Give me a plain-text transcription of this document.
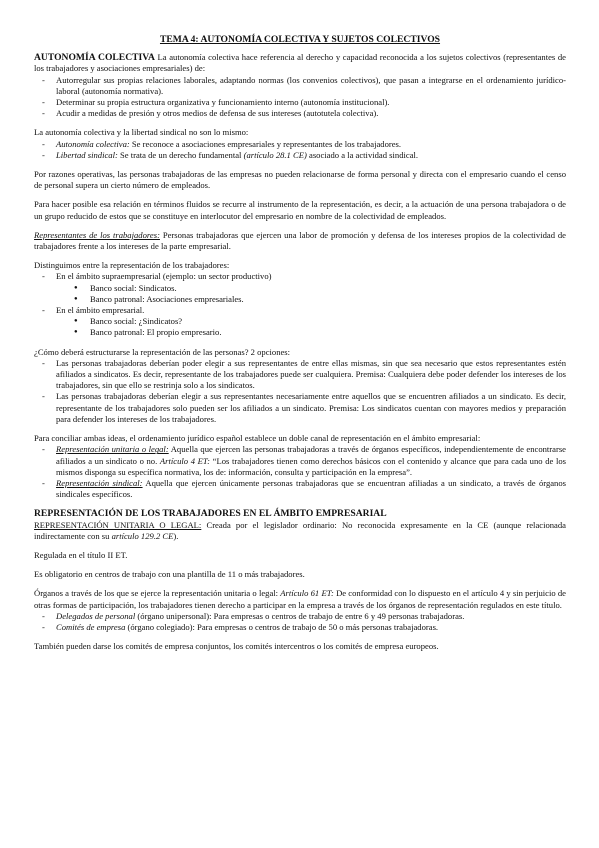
TEMA 4: AUTONOMÍA COLECTIVA Y SUJETOS COLECTIVOS

AUTONOMÍA COLECTIVA La autonomía colectiva hace referencia al derecho y capacidad reconocida a los sujetos colectivos (representantes de los trabajadores y asociaciones empresariales) de:

- Autorregular sus propias relaciones laborales, adaptando normas (los convenios colectivos), que pasan a integrarse en el ordenamiento jurídico-laboral (autonomía normativa).
- Determinar su propia estructura organizativa y funcionamiento interno (autonomía institucional).
- Acudir a medidas de presión y otros medios de defensa de sus intereses (autotutela colectiva).

La autonomía colectiva y la libertad sindical no son lo mismo:

- Autonomía colectiva: Se reconoce a asociaciones empresariales y representantes de los trabajadores.
- Libertad sindical: Se trata de un derecho fundamental (artículo 28.1 CE) asociado a la actividad sindical.

Por razones operativas, las personas trabajadoras de las empresas no pueden relacionarse de forma personal y directa con el empresario cuando el censo de personal supera un cierto número de empleados.

Para hacer posible esa relación en términos fluidos se recurre al instrumento de la representación, es decir, a la actuación de una persona trabajadora o de un grupo reducido de estos que se constituye en interlocutor del empresario en nombre de la colectividad de empleados.

Representantes de los trabajadores: Personas trabajadoras que ejercen una labor de promoción y defensa de los intereses propios de la colectividad de trabajadores frente a los intereses de la parte empresarial.

Distinguimos entre la representación de los trabajadores:

- En el ámbito supraempresarial (ejemplo: un sector productivo)
● Banco social: Sindicatos.
● Banco patronal: Asociaciones empresariales.
- En el ámbito empresarial.
● Banco social: ¿Sindicatos?
● Banco patronal: El propio empresario.

¿Cómo deberá estructurarse la representación de las personas? 2 opciones:

- Las personas trabajadoras deberían poder elegir a sus representantes de entre ellas mismas, sin que sea necesario que estos representantes estén afiliados a sindicatos. Es decir, representante de los trabajadores puede ser cualquiera. Premisa: Cualquiera debe poder defender los intereses de los trabajadores, sin que ello se restrinja solo a los sindicatos.
- Las personas trabajadoras deberían elegir a sus representantes necesariamente entre aquellos que se encuentren afiliados a un sindicato. Es decir, representante de los trabajadores solo pueden ser los afiliados a un sindicato. Premisa: Los sindicatos cuentan con mayores medios y preparación para defender los intereses de los trabajadores.

Para conciliar ambas ideas, el ordenamiento jurídico español establece un doble canal de representación en el ámbito empresarial:

- Representación unitaria o legal: Aquella que ejercen las personas trabajadoras a través de órganos específicos, independientemente de encontrarse afiliados a un sindicato o no. Artículo 4 ET: “Los trabajadores tienen como derechos básicos con el contenido y alcance que para cada uno de los mismos disponga su específica normativa, los de: información, consulta y participación en la empresa”.
- Representación sindical: Aquella que ejercen únicamente personas trabajadoras que se encuentran afiliadas a un sindicato, a través de órganos sindicales específicos.

REPRESENTACIÓN DE LOS TRABAJADORES EN EL ÁMBITO EMPRESARIAL

REPRESENTACIÓN UNITARIA O LEGAL: Creada por el legislador ordinario: No reconocida expresamente en la CE (aunque relacionada indirectamente con su artículo 129.2 CE).

Regulada en el título II ET.

Es obligatorio en centros de trabajo con una plantilla de 11 o más trabajadores.

Órganos a través de los que se ejerce la representación unitaria o legal: Artículo 61 ET: De conformidad con lo dispuesto en el artículo 4 y sin perjuicio de otras formas de participación, los trabajadores tienen derecho a participar en la empresa a través de los órganos de representación regulados en este título.

- Delegados de personal (órgano unipersonal): Para empresas o centros de trabajo de entre 6 y 49 personas trabajadoras.
- Comités de empresa (órgano colegiado): Para empresas o centros de trabajo de 50 o más personas trabajadoras.

También pueden darse los comités de empresa conjuntos, los comités intercentros o los comités de empresa europeos.
